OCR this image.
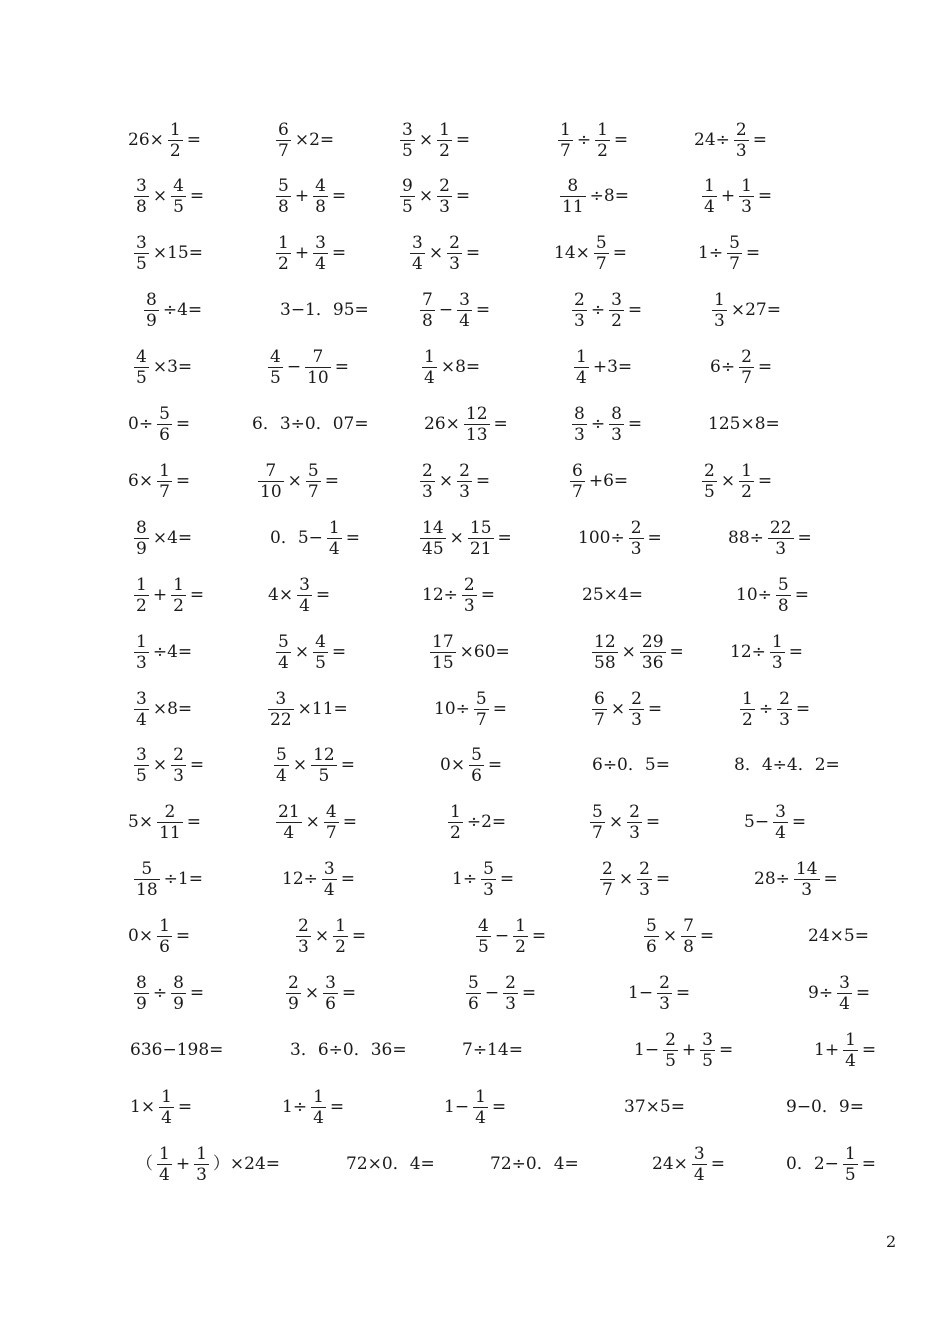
$26\times \frac{1}{2}$ =	$\frac{6}{7} \times 2=$	$\frac{3}{5} \times \frac{1}{2}$ =	$\frac{1}{7} \div \frac{1}{2}$ =	$24\div \frac{2}{3}$ =
$\frac{3}{8} \times \frac{4}{5}$ =	$\frac{5}{8} + \frac{4}{8}$ =	$\frac{9}{5} \times \frac{2}{3}$ =	$\frac{8}{11} \div 8=$	$\frac{1}{4} + \frac{1}{3}$ =
$\frac{3}{5} \times 15=$	$\frac{1}{2} + \frac{3}{4}$ =	$\frac{3}{4} \times \frac{2}{3}$ =	$14\times \frac{5}{7}$ =	$1\div \frac{5}{7}$ =
$\frac{8}{9} \div 4=$	3−1．95=	$\frac{7}{8} - \frac{3}{4}$ =	$\frac{2}{3} \div \frac{3}{2}$ =	$\frac{1}{3} \times 27=$
$\frac{4}{5} \times 3=$	$\frac{4}{5} - \frac{7}{10}$ =	$\frac{1}{4} \times 8=$	$\frac{1}{4} +3=$	$6\div \frac{2}{7}$ =
$0\div \frac{5}{6}$ =	6．3÷0．07=	$26\times \frac{12}{13}$ =	$\frac{8}{3} \div \frac{8}{3}$ =	125×8=
$6\times \frac{1}{7}$ =	$\frac{7}{10} \times \frac{5}{7}$ =	$\frac{2}{3} \times \frac{2}{3}$ =	$\frac{6}{7} +6=$	$\frac{2}{5} \times \frac{1}{2}$ =
$\frac{8}{9} \times 4=$	0．$5- \frac{1}{4}$ =	$\frac{14}{45} \times \frac{15}{21}$ =	$100\div \frac{2}{3}$ =	$88\div \frac{22}{3}$ =
$\frac{1}{2} + \frac{1}{2}$ =	$4\times \frac{3}{4}$ =	$12\div \frac{2}{3}$ =	25×4=	$10\div \frac{5}{8}$ =
$\frac{1}{3} \div 4=$	$\frac{5}{4} \times \frac{4}{5}$ =	$\frac{17}{15} \times 60=$	$\frac{12}{58} \times \frac{29}{36}$ =	$12\div \frac{1}{3}$ =
$\frac{3}{4} \times 8=$	$\frac{3}{22} \times 11=$	$10\div \frac{5}{7}$ =	$\frac{6}{7} \times \frac{2}{3}$ =	$\frac{1}{2} \div \frac{2}{3}$ =
$\frac{3}{5} \times \frac{2}{3}$ =	$\frac{5}{4} \times \frac{12}{5}$ =	$0\times \frac{5}{6}$ =	6÷0．5=	8．4÷4．2=
$5\times \frac{2}{11}$ =	$\frac{21}{4} \times \frac{4}{7}$ =	$\frac{1}{2} \div 2=$	$\frac{5}{7} \times \frac{2}{3}$ =	$5- \frac{3}{4}$ =
$\frac{5}{18} \div 1=$	$12\div \frac{3}{4}$ =	$1\div \frac{5}{3}$ =	$\frac{2}{7} \times \frac{2}{3}$ =	$28\div \frac{14}{3}$ =
$0\times \frac{1}{6}$ =	$\frac{2}{3} \times \frac{1}{2}$ =	$\frac{4}{5} - \frac{1}{2}$ =	$\frac{5}{6} \times \frac{7}{8}$ =	24×5=
$\frac{8}{9} \div \frac{8}{9}$ =	$\frac{2}{9} \times \frac{3}{6}$ =	$\frac{5}{6} - \frac{2}{3}$ =	$1- \frac{2}{3}$ =	$9\div \frac{3}{4}$ =
636−198=	3．6÷0．36=	7÷14=	$1- \frac{2}{5} + \frac{3}{5}$ =	$1+ \frac{1}{4}$ =
$1\times \frac{1}{4}$ =	$1\div \frac{1}{4}$ =	$1- \frac{1}{4}$ =	37×5=	9−0．9=
（ $\frac{1}{4} + \frac{1}{3} )\times 24=$	72×0．4=	72÷0．4=	$24\times \frac{3}{4}$ =	0．$2- \frac{1}{5}$ =
2
